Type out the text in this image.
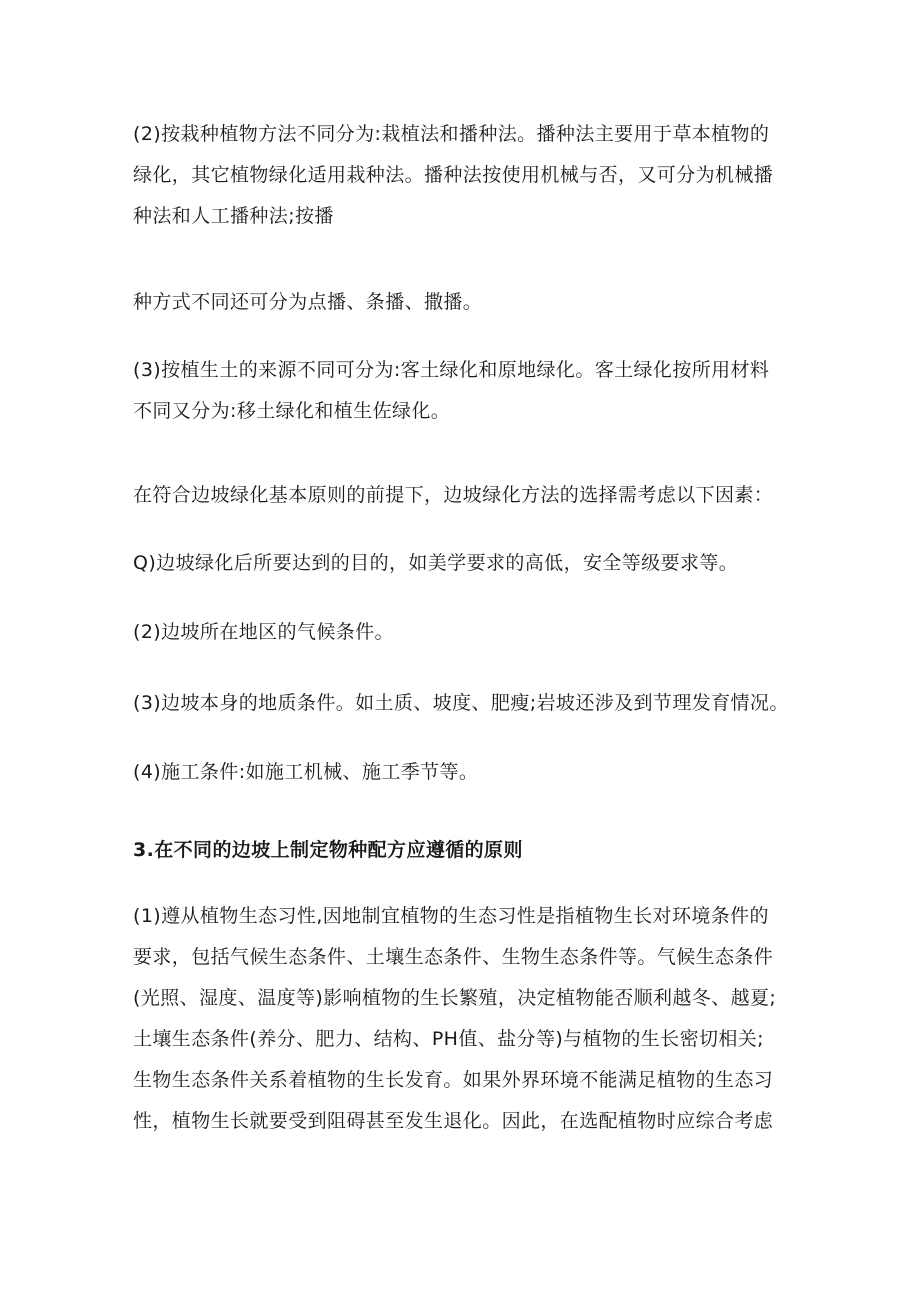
(2)按栽种植物方法不同分为:栽植法和播种法。播种法主要用于草本植物的
绿化，其它植物绿化适用栽种法。播种法按使用机械与否，又可分为机械播
种法和人工播种法;按播

种方式不同还可分为点播、条播、撒播。

(3)按植生土的来源不同可分为:客土绿化和原地绿化。客土绿化按所用材料
不同又分为:移土绿化和植生佐绿化。

在符合边坡绿化基本原则的前提下，边坡绿化方法的选择需考虑以下因素：

Q)边坡绿化后所要达到的目的，如美学要求的高低，安全等级要求等。

(2)边坡所在地区的气候条件。

(3)边坡本身的地质条件。如土质、坡度、肥瘦;岩坡还涉及到节理发育情况。

(4)施工条件:如施工机械、施工季节等。

3.在不同的边坡上制定物种配方应遵循的原则

(1)遵从植物生态习性,因地制宜植物的生态习性是指植物生长对环境条件的
要求，包括气候生态条件、土壤生态条件、生物生态条件等。气候生态条件
(光照、湿度、温度等)影响植物的生长繁殖，决定植物能否顺利越冬、越夏;
土壤生态条件(养分、肥力、结构、PH值、盐分等)与植物的生长密切相关;
生物生态条件关系着植物的生长发育。如果外界环境不能满足植物的生态习
性，植物生长就要受到阻碍甚至发生退化。因此，在选配植物时应综合考虑
